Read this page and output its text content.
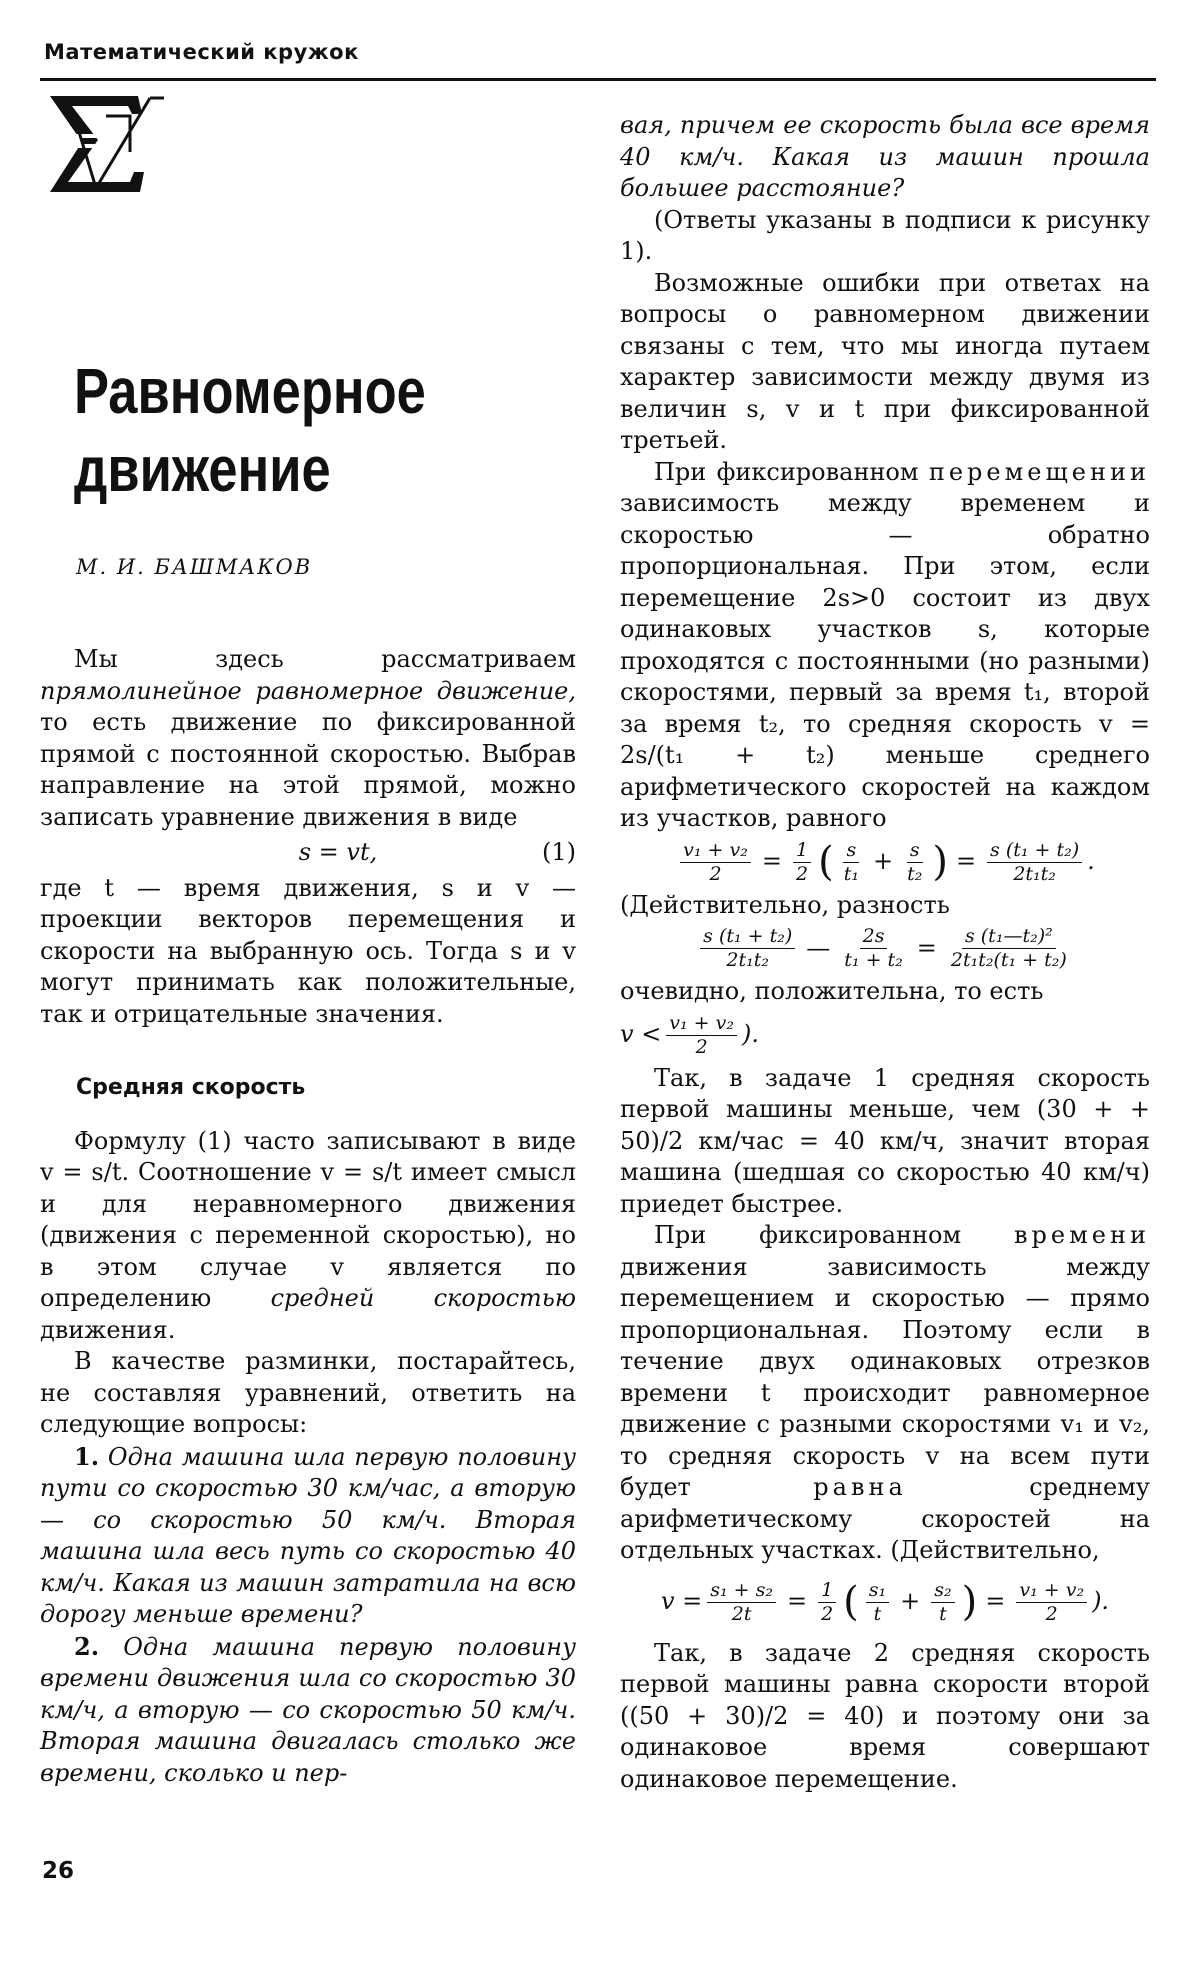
Математический кружок
Равномерное
движение
М. И. БАШМАКОВ

Мы здесь рассматриваем прямолинейное равномерное движение, то есть движение по фиксированной прямой с постоянной скоростью. Выбрав направление на этой прямой, можно записать уравнение движения в виде

s = vt,	(1)

где t — время движения, s и v — проекции векторов перемещения и скорости на выбранную ось. Тогда s и v могут принимать как положительные, так и отрицательные значения.

Средняя скорость

Формулу (1) часто записывают в виде v = s/t. Соотношение v = s/t имеет смысл и для неравномерного движения (движения с переменной скоростью), но в этом случае v является по определению средней скоростью движения.

В качестве разминки, постарайтесь, не составляя уравнений, ответить на следующие вопросы:

1. Одна машина шла первую половину пути со скоростью 30 км/час, а вторую — со скоростью 50 км/ч. Вторая машина шла весь путь со скоростью 40 км/ч. Какая из машин затратила на всю дорогу меньше времени?

2. Одна машина первую половину времени движения шла со скоростью 30 км/ч, а вторую — со скоростью 50 км/ч. Вторая машина двигалась столько же времени, сколько и пер-

вая, причем ее скорость была все время 40 км/ч. Какая из машин прошла большее расстояние?

(Ответы указаны в подписи к рисунку 1).

Возможные ошибки при ответах на вопросы о равномерном движении связаны с тем, что мы иногда путаем характер зависимости между двумя из величин s, v и t при фиксированной третьей.

При фиксированном перемещении зависимость между временем и скоростью — обратно пропорциональная. При этом, если перемещение 2s>0 состоит из двух одинаковых участков s, которые проходятся с постоянными (но разными) скоростями, первый за время t₁, второй за время t₂, то средняя скорость v = 2s/(t₁ + t₂) меньше среднего арифметического скоростей на каждом из участков, равного

$\frac{\text{v₁ + v₂}}{2} = \frac{1}{2}$ ( $\frac{s}{\text{t₁}} + \frac{s}{\text{t₂}}$ ) = $\frac{\text{s (t₁ + t₂)}}{\text{2t₁t₂}}$ .

(Действительно, разность

$\frac{\text{s (t₁ + t₂)}}{\text{2t₁t₂}}$ — $\frac{2s}{\text{t₁ + t₂}} = \frac{\text{s (t₁—t₂)²}}{\text{2t₁t₂(t₁ + t₂)}}$

очевидно, положительна, то есть

$v < \frac{\text{v₁ + v₂}}{2}$ ).

Так, в задаче 1 средняя скорость первой машины меньше, чем (30 + + 50)/2 км/час = 40 км/ч, значит вторая машина (шедшая со скоростью 40 км/ч) приедет быстрее.

При фиксированном времени движения зависимость между перемещением и скоростью — прямо пропорциональная. Поэтому если в течение двух одинаковых отрезков времени t происходит равномерное движение с разными скоростями v₁ и v₂, то средняя скорость v на всем пути будет равна среднему арифметическому скоростей на отдельных участках. (Действительно,

$v = \frac{\text{s₁ + s₂}}{2t} = \frac{1}{2}$ ( $\frac{\text{s₁}}{t} + \frac{\text{s₂}}{t}$ ) = $\frac{\text{v₁ + v₂}}{2}$ ).

Так, в задаче 2 средняя скорость первой машины равна скорости второй ((50 + 30)/2 = 40) и поэтому они за одинаковое время совершают одинаковое перемещение.

26
